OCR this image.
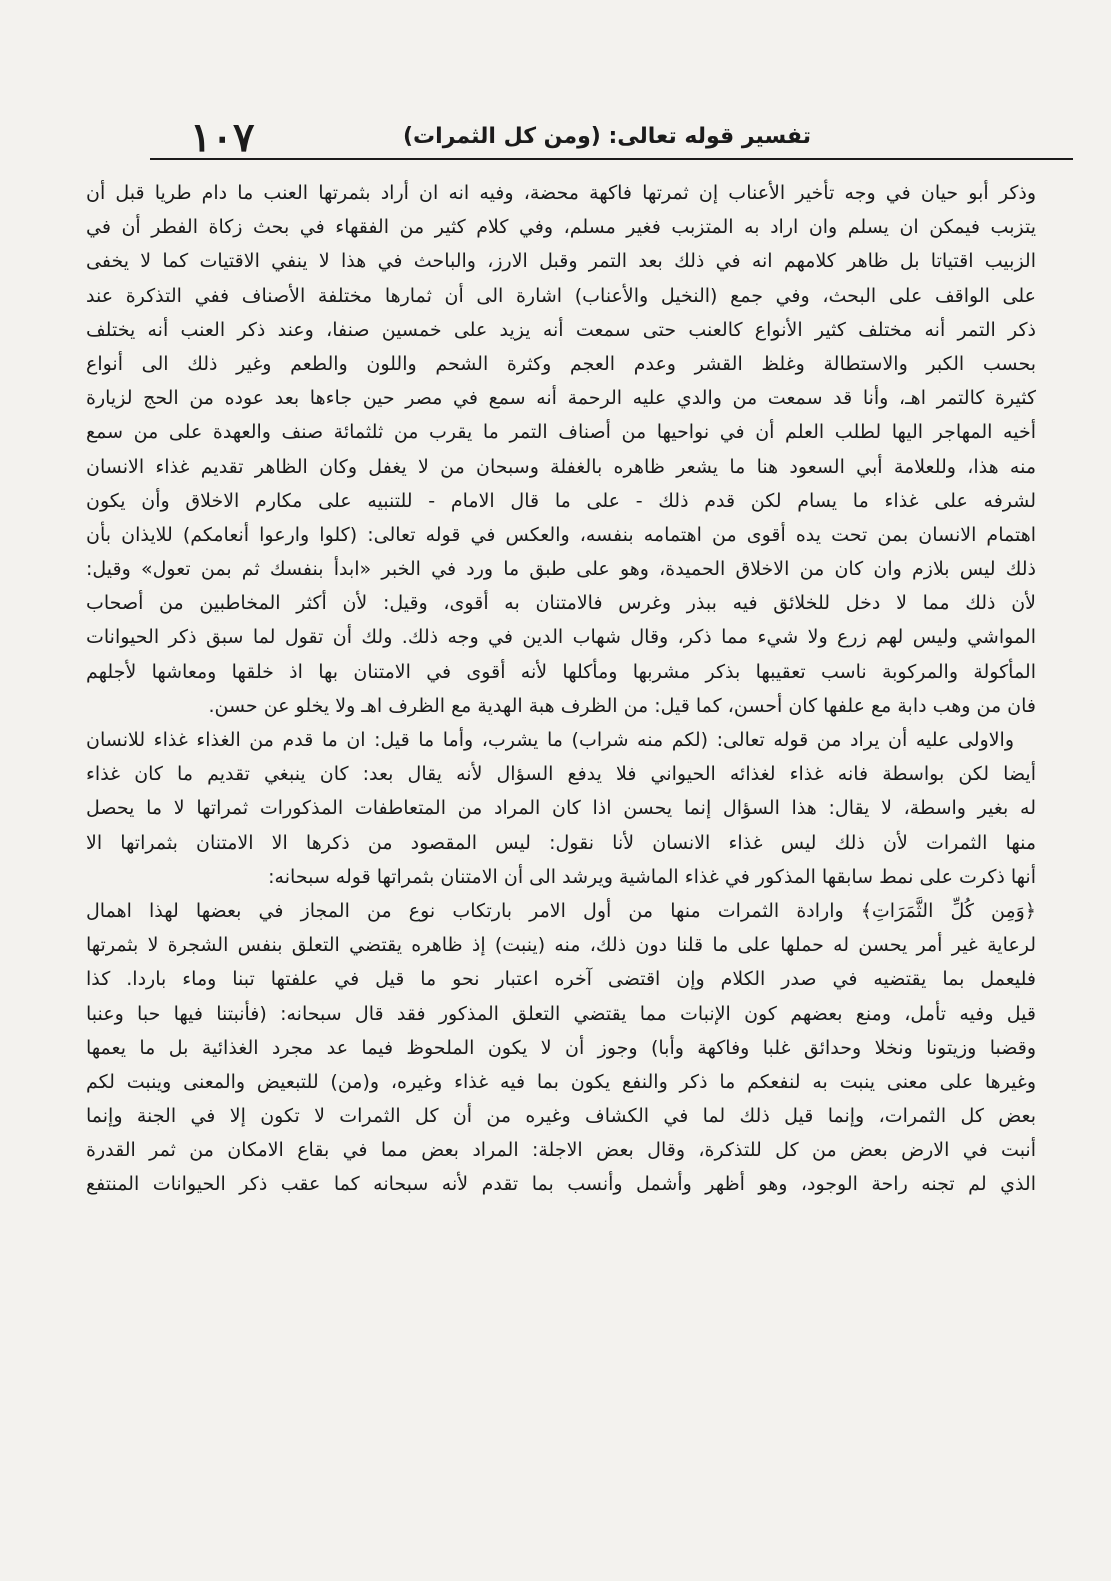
١٠٧	تفسير قوله تعالى: (ومن كل الثمرات)
وذكر أبو حيان في وجه تأخير الأعناب إن ثمرتها فاكهة محضة، وفيه انه ان أراد بثمرتها العنب ما دام طريا قبل أن
يتزبب فيمكن ان يسلم وان اراد به المتزبب فغير مسلم، وفي كلام كثير من الفقهاء في بحث زكاة الفطر أن في
الزبيب اقتياتا بل ظاهر كلامهم انه في ذلك بعد التمر وقبل الارز، والباحث في هذا لا ينفي الاقتيات كما لا يخفى
على الواقف على البحث، وفي جمع (النخيل والأعناب) اشارة الى أن ثمارها مختلفة الأصناف ففي التذكرة عند
ذكر التمر أنه مختلف كثير الأنواع كالعنب حتى سمعت أنه يزيد على خمسين صنفا، وعند ذكر العنب أنه يختلف
بحسب الكبر والاستطالة وغلظ القشر وعدم العجم وكثرة الشحم واللون والطعم وغير ذلك الى أنواع
كثيرة كالتمر اهـ، وأنا قد سمعت من والدي عليه الرحمة أنه سمع في مصر حين جاءها بعد عوده من الحج لزيارة
أخيه المهاجر اليها لطلب العلم أن في نواحيها من أصناف التمر ما يقرب من ثلثمائة صنف والعهدة على من سمع
منه هذا، وللعلامة أبي السعود هنا ما يشعر ظاهره بالغفلة وسبحان من لا يغفل وكان الظاهر تقديم غذاء الانسان
لشرفه على غذاء ما يسام لكن قدم ذلك - على ما قال الامام - للتنبيه على مكارم الاخلاق وأن يكون
اهتمام الانسان بمن تحت يده أقوى من اهتمامه بنفسه، والعكس في قوله تعالى: (كلوا وارعوا أنعامكم) للايذان بأن
ذلك ليس بلازم وان كان من الاخلاق الحميدة، وهو على طبق ما ورد في الخبر «ابدأ بنفسك ثم بمن تعول» وقيل:
لأن ذلك مما لا دخل للخلائق فيه ببذر وغرس فالامتنان به أقوى، وقيل: لأن أكثر المخاطبين من أصحاب
المواشي وليس لهم زرع ولا شيء مما ذكر، وقال شهاب الدين في وجه ذلك. ولك أن تقول لما سبق ذكر الحيوانات
المأكولة والمركوبة ناسب تعقيبها بذكر مشربها ومأكلها لأنه أقوى في الامتنان بها اذ خلقها ومعاشها لأجلهم
فان من وهب دابة مع علفها كان أحسن، كما قيل: من الظرف هبة الهدية مع الظرف اهـ ولا يخلو عن حسن.
والاولى عليه أن يراد من قوله تعالى: (لكم منه شراب) ما يشرب، وأما ما قيل: ان ما قدم من الغذاء غذاء للانسان
أيضا لكن بواسطة فانه غذاء لغذائه الحيواني فلا يدفع السؤال لأنه يقال بعد: كان ينبغي تقديم ما كان غذاء
له بغير واسطة، لا يقال: هذا السؤال إنما يحسن اذا كان المراد من المتعاطفات المذكورات ثمراتها لا ما يحصل
منها الثمرات لأن ذلك ليس غذاء الانسان لأنا نقول: ليس المقصود من ذكرها الا الامتنان بثمراتها الا
أنها ذكرت على نمط سابقها المذكور في غذاء الماشية ويرشد الى أن الامتنان بثمراتها قوله سبحانه:
﴿وَمِن كُلِّ الثَّمَرَاتِ﴾ وارادة الثمرات منها من أول الامر بارتكاب نوع من المجاز في بعضها لهذا اهمال
لرعاية غير أمر يحسن له حملها على ما قلنا دون ذلك، منه (ينبت) إذ ظاهره يقتضي التعلق بنفس الشجرة لا بثمرتها
فليعمل بما يقتضيه في صدر الكلام وإن اقتضى آخره اعتبار نحو ما قيل في علفتها تبنا وماء باردا. كذا
قيل وفيه تأمل، ومنع بعضهم كون الإنبات مما يقتضي التعلق المذكور فقد قال سبحانه: (فأنبتنا فيها حبا وعنبا
وقضبا وزيتونا ونخلا وحدائق غلبا وفاكهة وأبا) وجوز أن لا يكون الملحوظ فيما عد مجرد الغذائية بل ما يعمها
وغيرها على معنى ينبت به لنفعكم ما ذكر والنفع يكون بما فيه غذاء وغيره، و(من) للتبعيض والمعنى وينبت لكم
بعض كل الثمرات، وإنما قيل ذلك لما في الكشاف وغيره من أن كل الثمرات لا تكون إلا في الجنة وإنما
أنبت في الارض بعض من كل للتذكرة، وقال بعض الاجلة: المراد بعض مما في بقاع الامكان من ثمر القدرة
الذي لم تجنه راحة الوجود، وهو أظهر وأشمل وأنسب بما تقدم لأنه سبحانه كما عقب ذكر الحيوانات المنتفع
